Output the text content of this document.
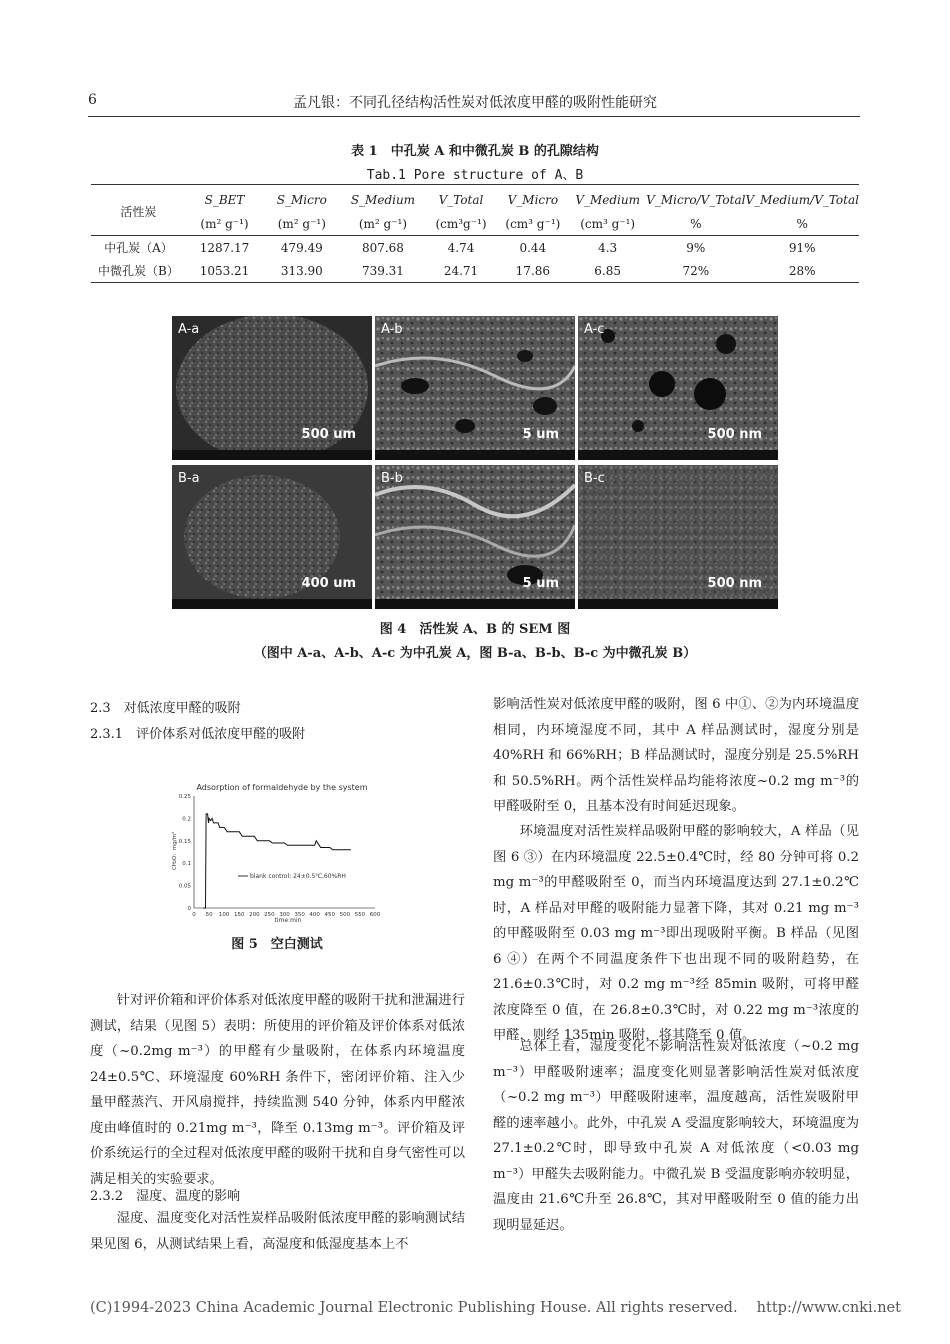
6	孟凡银：不同孔径结构活性炭对低浓度甲醛的吸附性能研究
表 1　中孔炭 A 和中微孔炭 B 的孔隙结构
Tab.1 Pore structure of A、B
活性炭	S_BET	S_Micro	S_Medium	V_Total	V_Micro	V_Medium	V_Micro/V_Total	V_Medium/V_Total
	(m² g⁻¹)	(m² g⁻¹)	(m² g⁻¹)	(cm³g⁻¹)	(cm³ g⁻¹)	(cm³ g⁻¹)	%	%
中孔炭（A）	1287.17	479.49	807.68	4.74	0.44	4.3	9%	91%
中微孔炭（B）	1053.21	313.90	739.31	24.71	17.86	6.85	72%	28%
A-a
500 um
A-b
5 um
A-c
500 nm
B-a
400 um
B-b
5 um
B-c
500 nm
图 4　活性炭 A、B 的 SEM 图
（图中 A-a、A-b、A-c 为中孔炭 A，图 B-a、B-b、B-c 为中微孔炭 B）
2.3　对低浓度甲醛的吸附
2.3.1　评价体系对低浓度甲醛的吸附
Adsorption of formaldehyde by the system
0
0.05
0.1
0.15
0.2
0.25
0 50 100 150 200 250 300 350 400 450 500 550 600
CH₂O：mg/m³
time:min
blank control: 24±0.5℃,60%RH
图 5　空白测试
针对评价箱和评价体系对低浓度甲醛的吸附干扰和泄漏进行测试，结果（见图 5）表明：所使用的评价箱及评价体系对低浓度（~0.2mg m⁻³）的甲醛有少量吸附，在体系内环境温度 24±0.5℃、环境湿度 60%RH 条件下，密闭评价箱、注入少量甲醛蒸汽、开风扇搅拌，持续监测 540 分钟，体系内甲醛浓度由峰值时的 0.21mg m⁻³，降至 0.13mg m⁻³。评价箱及评价系统运行的全过程对低浓度甲醛的吸附干扰和自身气密性可以满足相关的实验要求。
2.3.2　湿度、温度的影响
湿度、温度变化对活性炭样品吸附低浓度甲醛的影响测试结果见图 6，从测试结果上看，高湿度和低湿度基本上不
影响活性炭对低浓度甲醛的吸附，图 6 中①、②为内环境温度相同，内环境湿度不同，其中 A 样品测试时，湿度分别是 40%RH 和 66%RH；B 样品测试时，湿度分别是 25.5%RH 和 50.5%RH。两个活性炭样品均能将浓度~0.2 mg m⁻³的甲醛吸附至 0，且基本没有时间延迟现象。
环境温度对活性炭样品吸附甲醛的影响较大，A 样品（见图 6 ③）在内环境温度 22.5±0.4℃时，经 80 分钟可将 0.2 mg m⁻³的甲醛吸附至 0，而当内环境温度达到 27.1±0.2℃时，A 样品对甲醛的吸附能力显著下降，其对 0.21 mg m⁻³的甲醛吸附至 0.03 mg m⁻³即出现吸附平衡。B 样品（见图 6 ④）在两个不同温度条件下也出现不同的吸附趋势，在 21.6±0.3℃时，对 0.2 mg m⁻³经 85min 吸附，可将甲醛浓度降至 0 值，在 26.8±0.3℃时，对 0.22 mg m⁻³浓度的甲醛，则经 135min 吸附，将其降至 0 值。
总体上看，湿度变化不影响活性炭对低浓度（~0.2 mg m⁻³）甲醛吸附速率；温度变化则显著影响活性炭对低浓度（~0.2 mg m⁻³）甲醛吸附速率，温度越高，活性炭吸附甲醛的速率越小。此外，中孔炭 A 受温度影响较大，环境温度为 27.1±0.2℃时，即导致中孔炭 A 对低浓度（<0.03 mg m⁻³）甲醛失去吸附能力。中微孔炭 B 受温度影响亦较明显，温度由 21.6℃升至 26.8℃，其对甲醛吸附至 0 值的能力出现明显延迟。
(C)1994-2023 China Academic Journal Electronic Publishing House. All rights reserved.　 http://www.cnki.net
